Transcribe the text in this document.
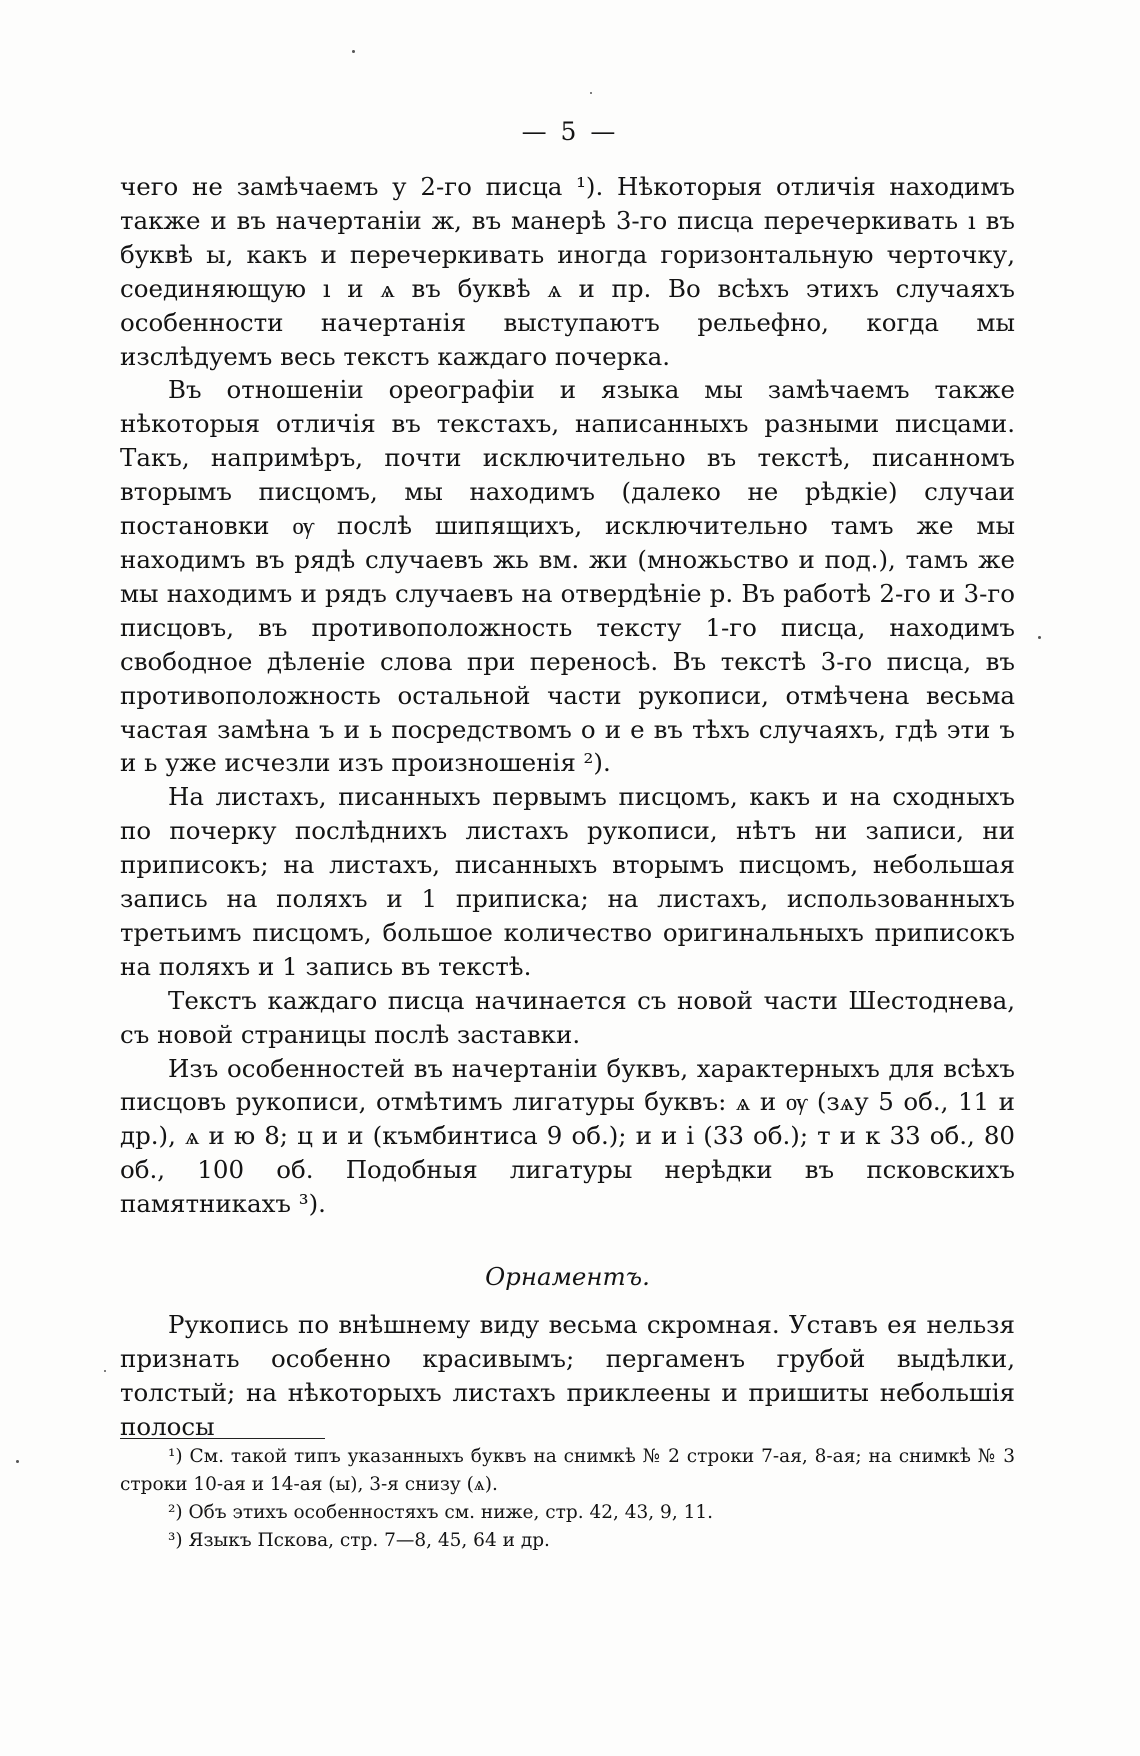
— 5 —

чего не замѣчаемъ у 2-го писца ¹). Нѣкоторыя отличія находимъ также и въ начертаніи ж, въ манерѣ 3-го писца перечеркивать ı въ буквѣ ы, какъ и перечеркивать иногда горизонтальную черточку, соединяющую ı и ѧ въ буквѣ ѧ и пр. Во всѣхъ этихъ случаяхъ особенности начертанія выступаютъ рельефно, когда мы изслѣдуемъ весь текстъ каждаго почерка.

Въ отношеніи ореографіи и языка мы замѣчаемъ также нѣкоторыя отличія въ текстахъ, написанныхъ разными писцами. Такъ, напримѣръ, почти исключительно въ текстѣ, писанномъ вторымъ писцомъ, мы находимъ (далеко не рѣдкіе) случаи постановки ѹ послѣ шипящихъ, исключительно тамъ же мы находимъ въ рядѣ случаевъ жь вм. жи (множьство и под.), тамъ же мы находимъ и рядъ случаевъ на отвердѣніе р. Въ работѣ 2-го и 3-го писцовъ, въ противоположность тексту 1-го писца, находимъ свободное дѣленіе слова при переносѣ. Въ текстѣ 3-го писца, въ противоположность остальной части рукописи, отмѣчена весьма частая замѣна ъ и ь посредствомъ о и е въ тѣхъ случаяхъ, гдѣ эти ъ и ь уже исчезли изъ произношенія ²).

На листахъ, писанныхъ первымъ писцомъ, какъ и на сходныхъ по почерку послѣднихъ листахъ рукописи, нѣтъ ни записи, ни приписокъ; на листахъ, писанныхъ вторымъ писцомъ, небольшая запись на поляхъ и 1 приписка; на листахъ, использованныхъ третьимъ писцомъ, большое количество оригинальныхъ приписокъ на поляхъ и 1 запись въ текстѣ.

Текстъ каждаго писца начинается съ новой части Шестоднева, съ новой страницы послѣ заставки.

Изъ особенностей въ начертаніи буквъ, характерныхъ для всѣхъ писцовъ рукописи, отмѣтимъ лигатуры буквъ: ѧ и ѹ (зѧу 5 об., 11 и др.), ѧ и ю 8; ц и и (къмбинтиса 9 об.); и и і (33 об.); т и к 33 об., 80 об., 100 об. Подобныя лигатуры нерѣдки въ псковскихъ памятникахъ ³).

Орнаментъ.

Рукопись по внѣшнему виду весьма скромная. Уставъ ея нельзя признать особенно красивымъ; пергаменъ грубой выдѣлки, толстый; на нѣкоторыхъ листахъ приклеены и пришиты небольшія полосы

¹) См. такой типъ указанныхъ буквъ на снимкѣ № 2 строки 7-ая, 8-ая; на снимкѣ № 3 строки 10-ая и 14-ая (ы), 3-я снизу (ѧ).

²) Объ этихъ особенностяхъ см. ниже, стр. 42, 43, 9, 11.

³) Языкъ Пскова, стр. 7—8, 45, 64 и др.
